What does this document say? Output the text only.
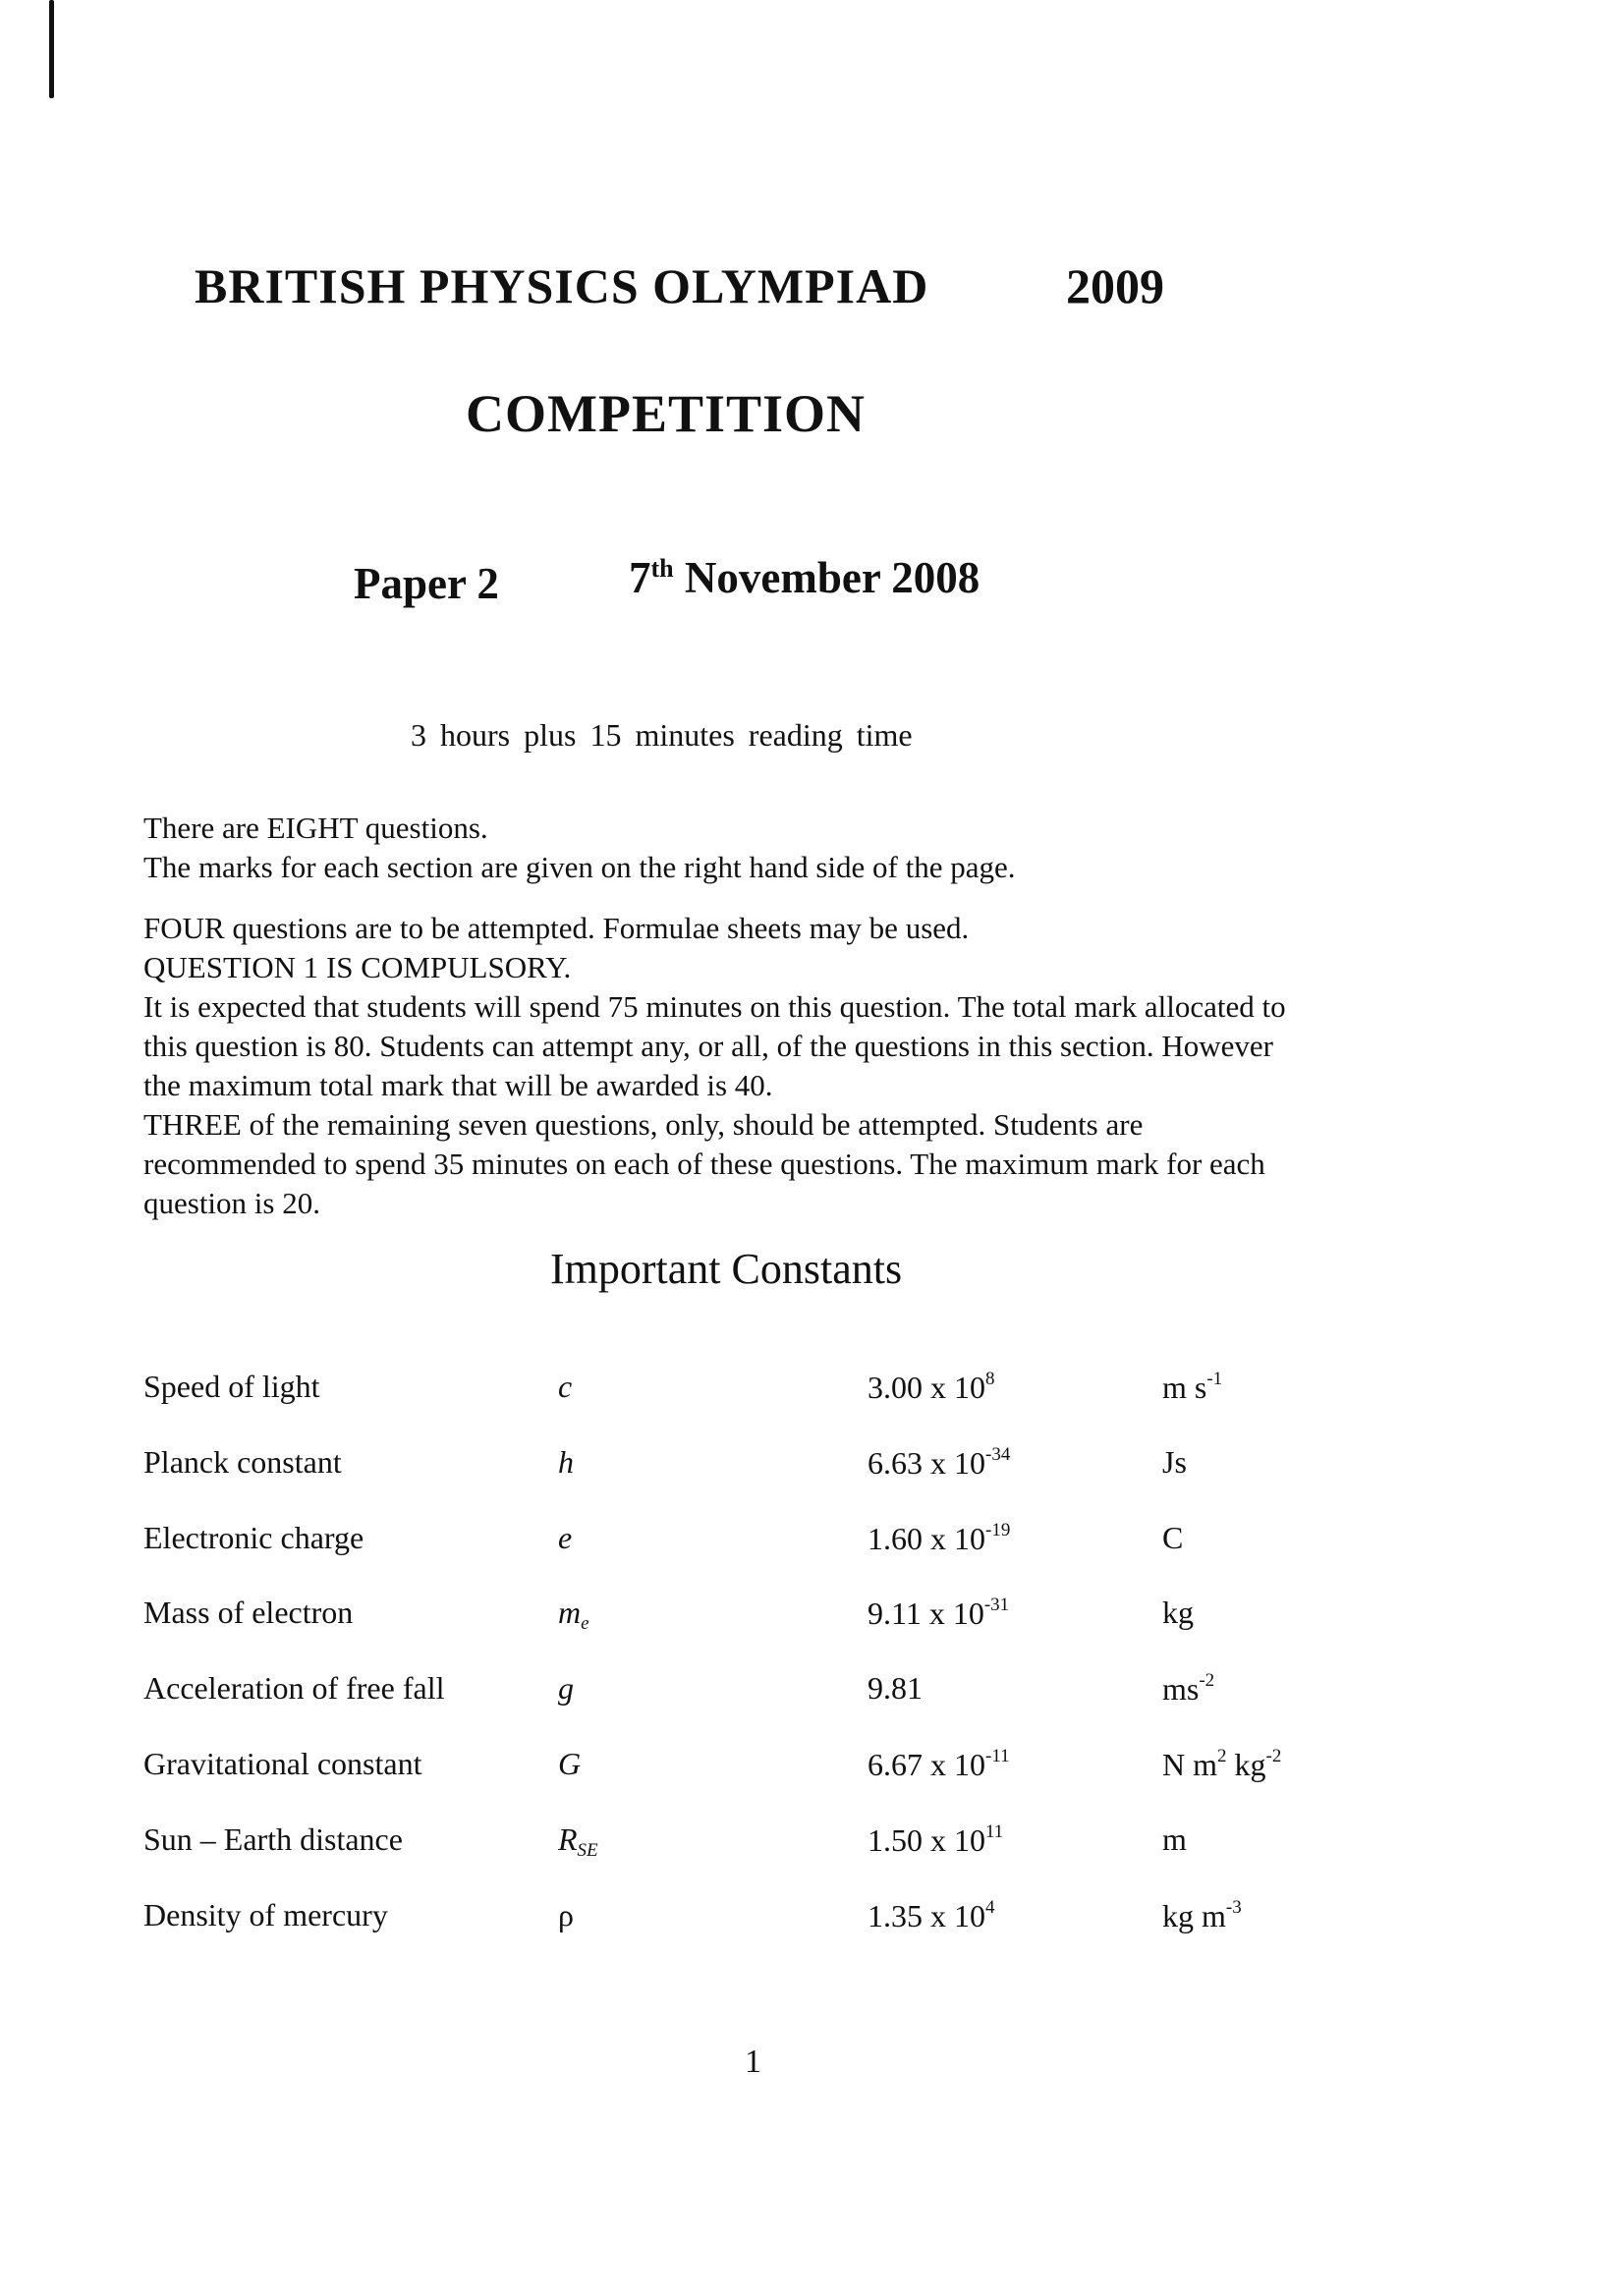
BRITISH PHYSICS OLYMPIAD	2009
COMPETITION
Paper 2	7th November 2008
3 hours plus 15 minutes reading time

There are EIGHT questions.

The marks for each section are given on the right hand side of the page.

FOUR questions are to be attempted. Formulae sheets may be used.

QUESTION 1 IS COMPULSORY.

It is expected that students will spend 75 minutes on this question. The total mark allocated to

this question is 80. Students can attempt any, or all, of the questions in this section. However

the maximum total mark that will be awarded is 40.

THREE of the remaining seven questions, only, should be attempted. Students are

recommended to spend 35 minutes on each of these questions. The maximum mark for each

question is 20.

Important Constants
Speed of light	c	3.00 x $10^8$	m $s^{-1}$
Planck constant	h	6.63 x $10^{-34}$	Js
Electronic charge	e	1.60 x $10^{-19}$	C
Mass of electron	$m_e$	9.11 x $10^{-31}$	kg
Acceleration of free fall	g	9.81	$ms^{-2}$
Gravitational constant	G	6.67 x $10^{-11}$	N $m^2$ $kg^{-2}$
Sun – Earth distance	$R_{SE}$	1.50 x $10^{11}$	m
Density of mercury	ρ	1.35 x $10^4$	kg $m^{-3}$
1
